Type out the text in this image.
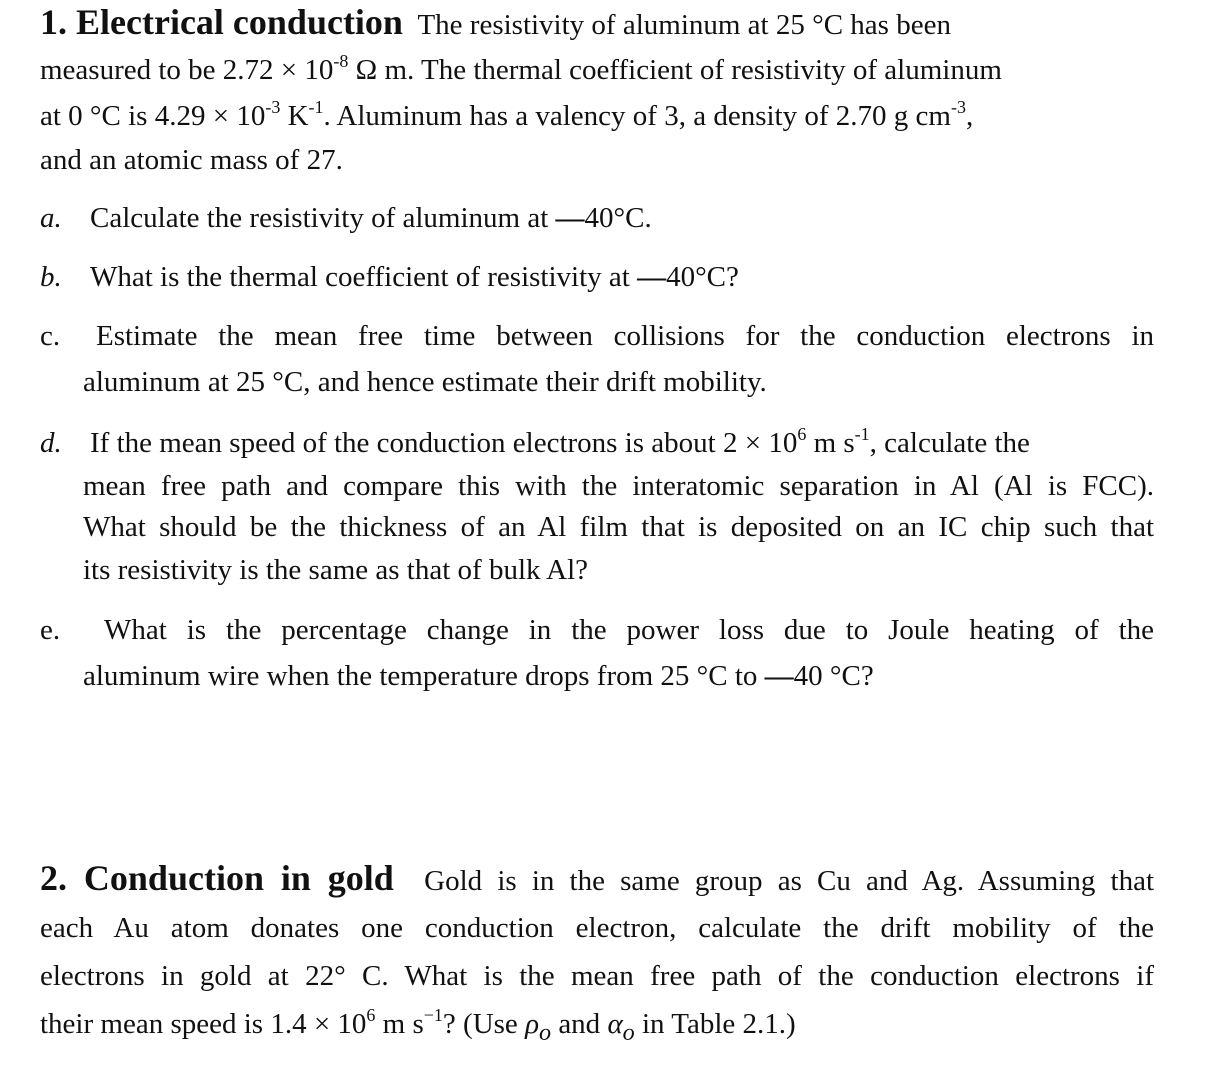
1. Electrical conduction The resistivity of aluminum at 25 °C has been
measured to be $2.72 \times 10^{-8}$ Ω m. The thermal coefficient of resistivity of aluminum
at 0 °C is $4.29 \times 10^{-3}$ $K^{-1}$. Aluminum has a valency of 3, a density of 2.70 g $cm^{-3}$,
and an atomic mass of 27.
a. Calculate the resistivity of aluminum at —40°C.
b. What is the thermal coefficient of resistivity at —40°C?
c. Estimate the mean free time between collisions for the conduction electrons in
aluminum at 25 °C, and hence estimate their drift mobility.
d. If the mean speed of the conduction electrons is about $2 \times 10^6$ m $s^{-1}$, calculate the
mean free path and compare this with the interatomic separation in Al (Al is FCC).
What should be the thickness of an Al film that is deposited on an IC chip such that
its resistivity is the same as that of bulk Al?
e. What is the percentage change in the power loss due to Joule heating of the
aluminum wire when the temperature drops from 25 °C to —40 °C?
2. Conduction in gold Gold is in the same group as Cu and Ag. Assuming that
each Au atom donates one conduction electron, calculate the drift mobility of the
electrons in gold at 22° C. What is the mean free path of the conduction electrons if
their mean speed is $1.4 \times 10^6$ m $s^{-1}$? (Use $\rho_o$ and $\alpha_o$ in Table 2.1.)
